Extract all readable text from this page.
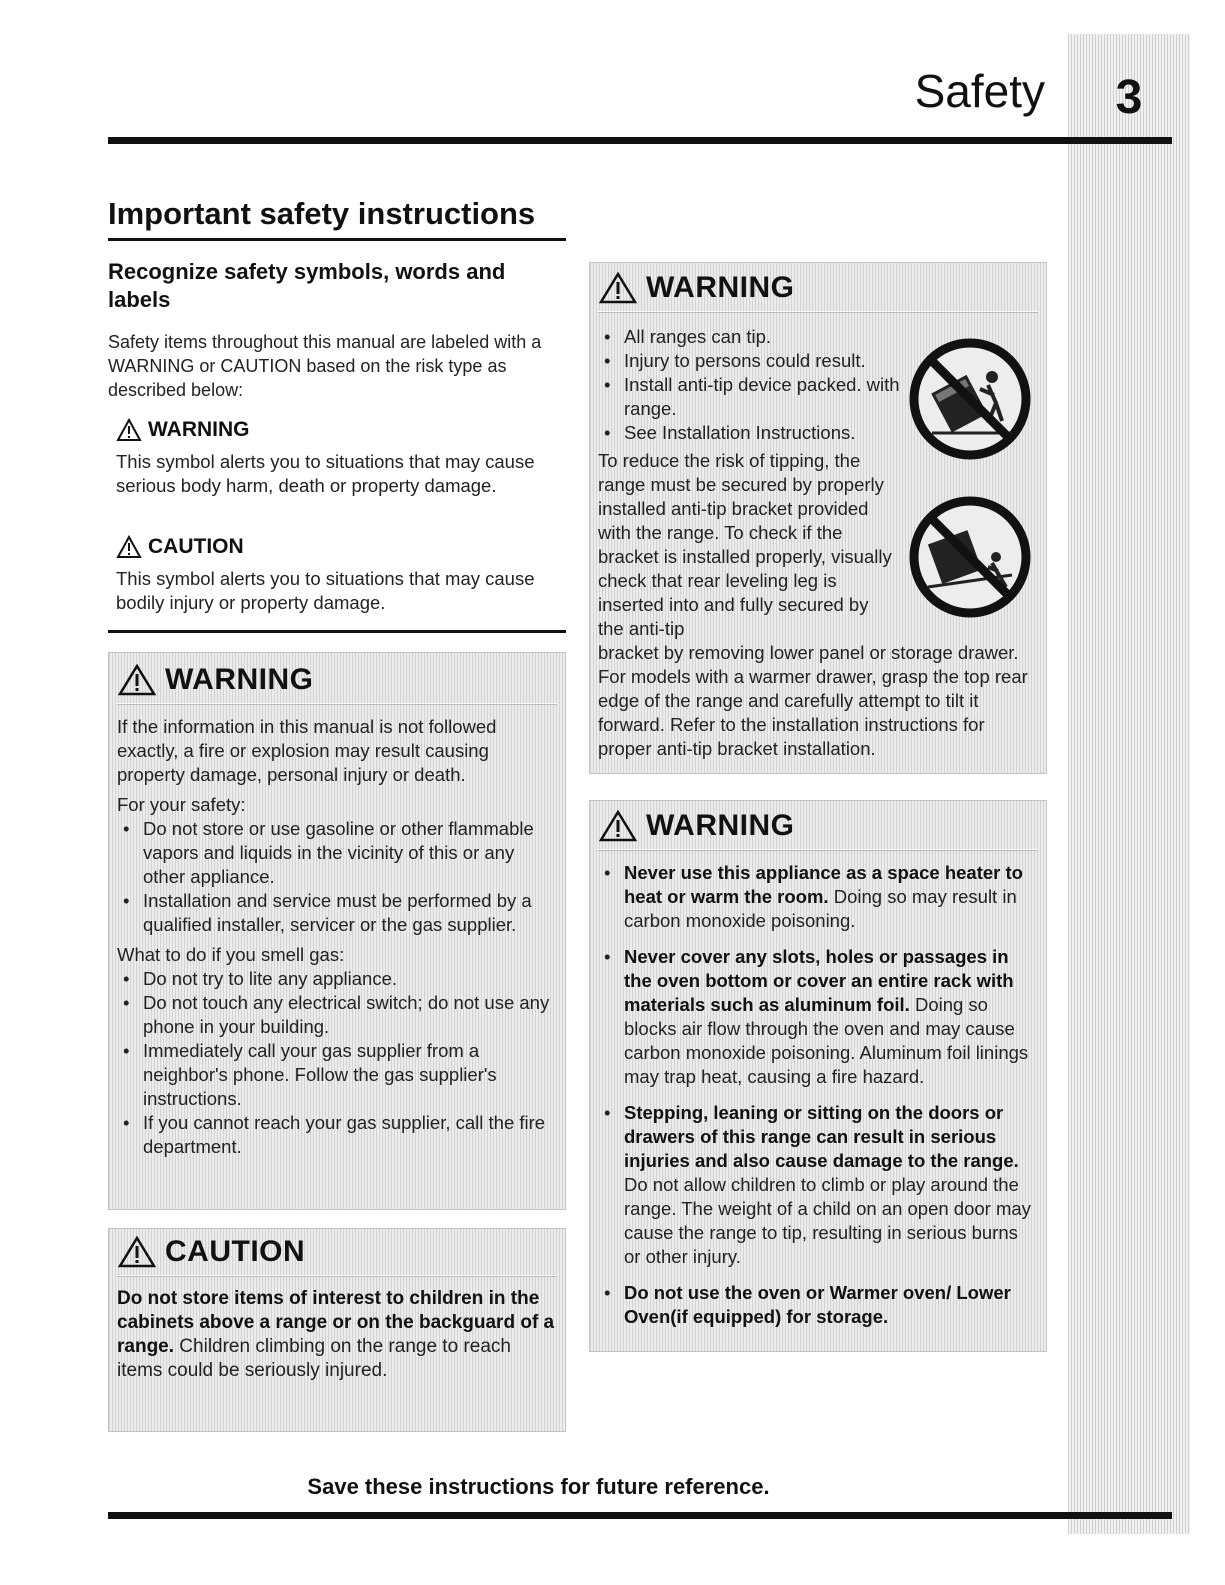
3
Safety
Important safety instructions
Recognize safety symbols, words and labels
Safety items throughout this manual are labeled with a WARNING or CAUTION based on the risk type as described below:
WARNING
This symbol alerts you to situations that may cause serious body harm, death or property damage.
CAUTION
This symbol alerts you to situations that may cause bodily injury or property damage.
WARNING

If the information in this manual is not followed exactly, a fire or explosion may result causing property damage, personal injury or death.

For your safety:
• Do not store or use gasoline or other flammable vapors and liquids in the vicinity of this or any other appliance.
• Installation and service must be performed by a qualified installer, servicer or the gas supplier.
What to do if you smell gas:
• Do not try to lite any appliance.
• Do not touch any electrical switch; do not use any phone in your building.
• Immediately call your gas supplier from a neighbor's phone. Follow the gas supplier's instructions.
• If you cannot reach your gas supplier, call the fire department.
CAUTION
Do not store items of interest to children in the cabinets above a range or on the backguard of a range. Children climbing on the range to reach items could be seriously injured.
WARNING
• All ranges can tip.
• Injury to persons could result.
• Install anti-tip device packed. with range.
• See Installation Instructions.
To reduce the risk of tipping, the range must be secured by properly installed anti-tip bracket provided with the range. To check if the bracket is installed properly, visually check that rear leveling leg is inserted into and fully secured by the anti-tip
bracket by removing lower panel or storage drawer. For models with a warmer drawer, grasp the top rear edge of the range and carefully attempt to tilt it forward. Refer to the installation instructions for proper anti-tip bracket installation.
WARNING
• Never use this appliance as a space heater to heat or warm the room. Doing so may result in carbon monoxide poisoning.
• Never cover any slots, holes or passages in the oven bottom or cover an entire rack with materials such as aluminum foil. Doing so blocks air flow through the oven and may cause carbon monoxide poisoning. Aluminum foil linings may trap heat, causing a fire hazard.
• Stepping, leaning or sitting on the doors or drawers of this range can result in serious injuries and also cause damage to the range. Do not allow children to climb or play around the range. The weight of a child on an open door may cause the range to tip, resulting in serious burns or other injury.
• Do not use the oven or Warmer oven/ Lower Oven(if equipped) for storage.
Save these instructions for future reference.
